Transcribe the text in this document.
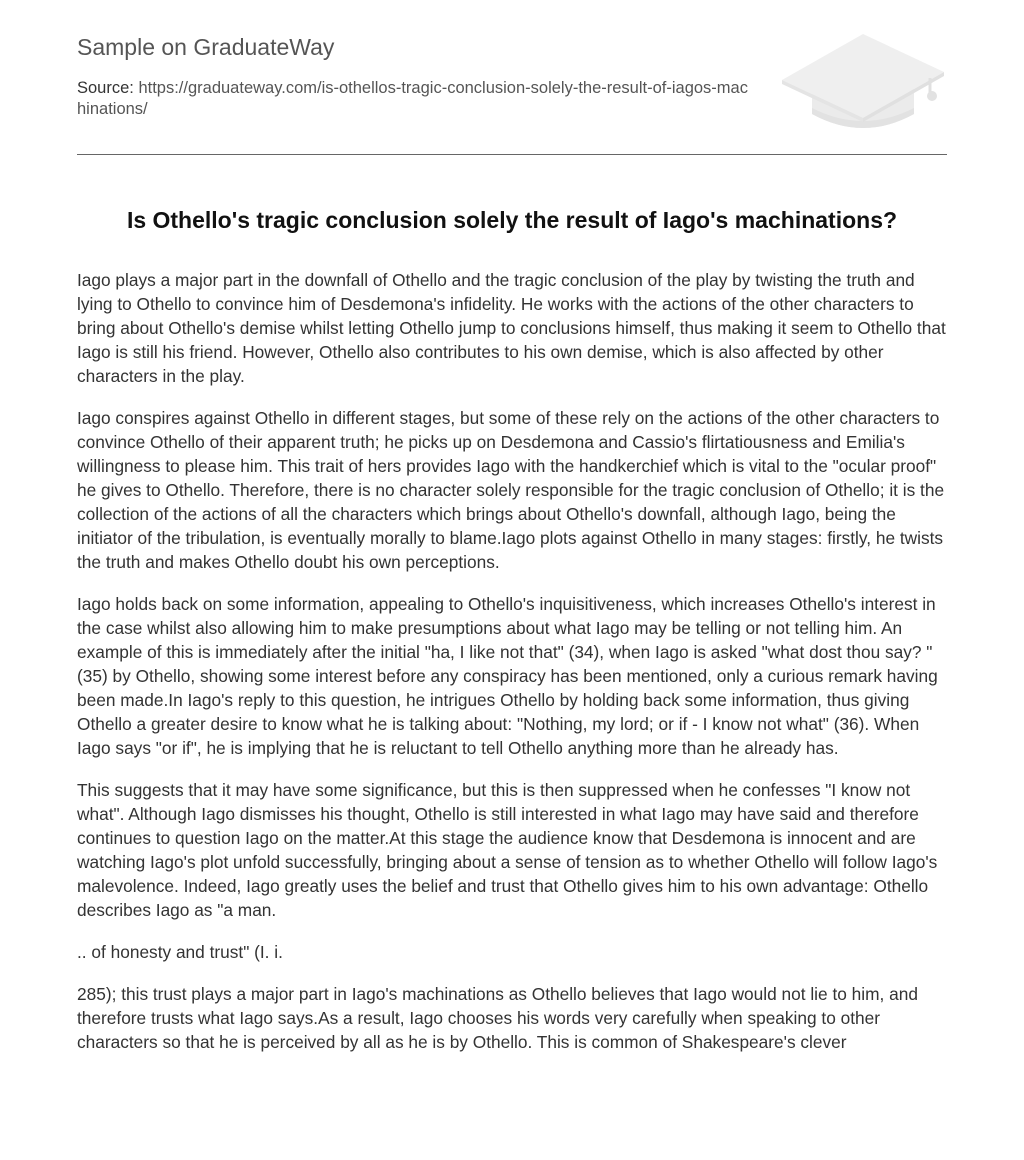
Sample on GraduateWay
Source: https://graduateway.com/is-othellos-tragic-conclusion-solely-the-result-of-iagos-machinations/
Is Othello's tragic conclusion solely the result of Iago's machinations?

Iago plays a major part in the downfall of Othello and the tragic conclusion of the play by twisting the truth and lying to Othello to convince him of Desdemona's infidelity. He works with the actions of the other characters to bring about Othello's demise whilst letting Othello jump to conclusions himself, thus making it seem to Othello that Iago is still his friend. However, Othello also contributes to his own demise, which is also affected by other characters in the play.

Iago conspires against Othello in different stages, but some of these rely on the actions of the other characters to convince Othello of their apparent truth; he picks up on Desdemona and Cassio's flirtatiousness and Emilia's willingness to please him. This trait of hers provides Iago with the handkerchief which is vital to the "ocular proof" he gives to Othello. Therefore, there is no character solely responsible for the tragic conclusion of Othello; it is the collection of the actions of all the characters which brings about Othello's downfall, although Iago, being the initiator of the tribulation, is eventually morally to blame.Iago plots against Othello in many stages: firstly, he twists the truth and makes Othello doubt his own perceptions.

Iago holds back on some information, appealing to Othello's inquisitiveness, which increases Othello's interest in the case whilst also allowing him to make presumptions about what Iago may be telling or not telling him. An example of this is immediately after the initial "ha, I like not that" (34), when Iago is asked "what dost thou say? " (35) by Othello, showing some interest before any conspiracy has been mentioned, only a curious remark having been made.In Iago's reply to this question, he intrigues Othello by holding back some information, thus giving Othello a greater desire to know what he is talking about: "Nothing, my lord; or if - I know not what" (36). When Iago says "or if", he is implying that he is reluctant to tell Othello anything more than he already has.

This suggests that it may have some significance, but this is then suppressed when he confesses "I know not what". Although Iago dismisses his thought, Othello is still interested in what Iago may have said and therefore continues to question Iago on the matter.At this stage the audience know that Desdemona is innocent and are watching Iago's plot unfold successfully, bringing about a sense of tension as to whether Othello will follow Iago's malevolence. Indeed, Iago greatly uses the belief and trust that Othello gives him to his own advantage: Othello describes Iago as "a man.

.. of honesty and trust" (I. i.

285); this trust plays a major part in Iago's machinations as Othello believes that Iago would not lie to him, and therefore trusts what Iago says.As a result, Iago chooses his words very carefully when speaking to other characters so that he is perceived by all as he is by Othello. This is common of Shakespeare's clever
